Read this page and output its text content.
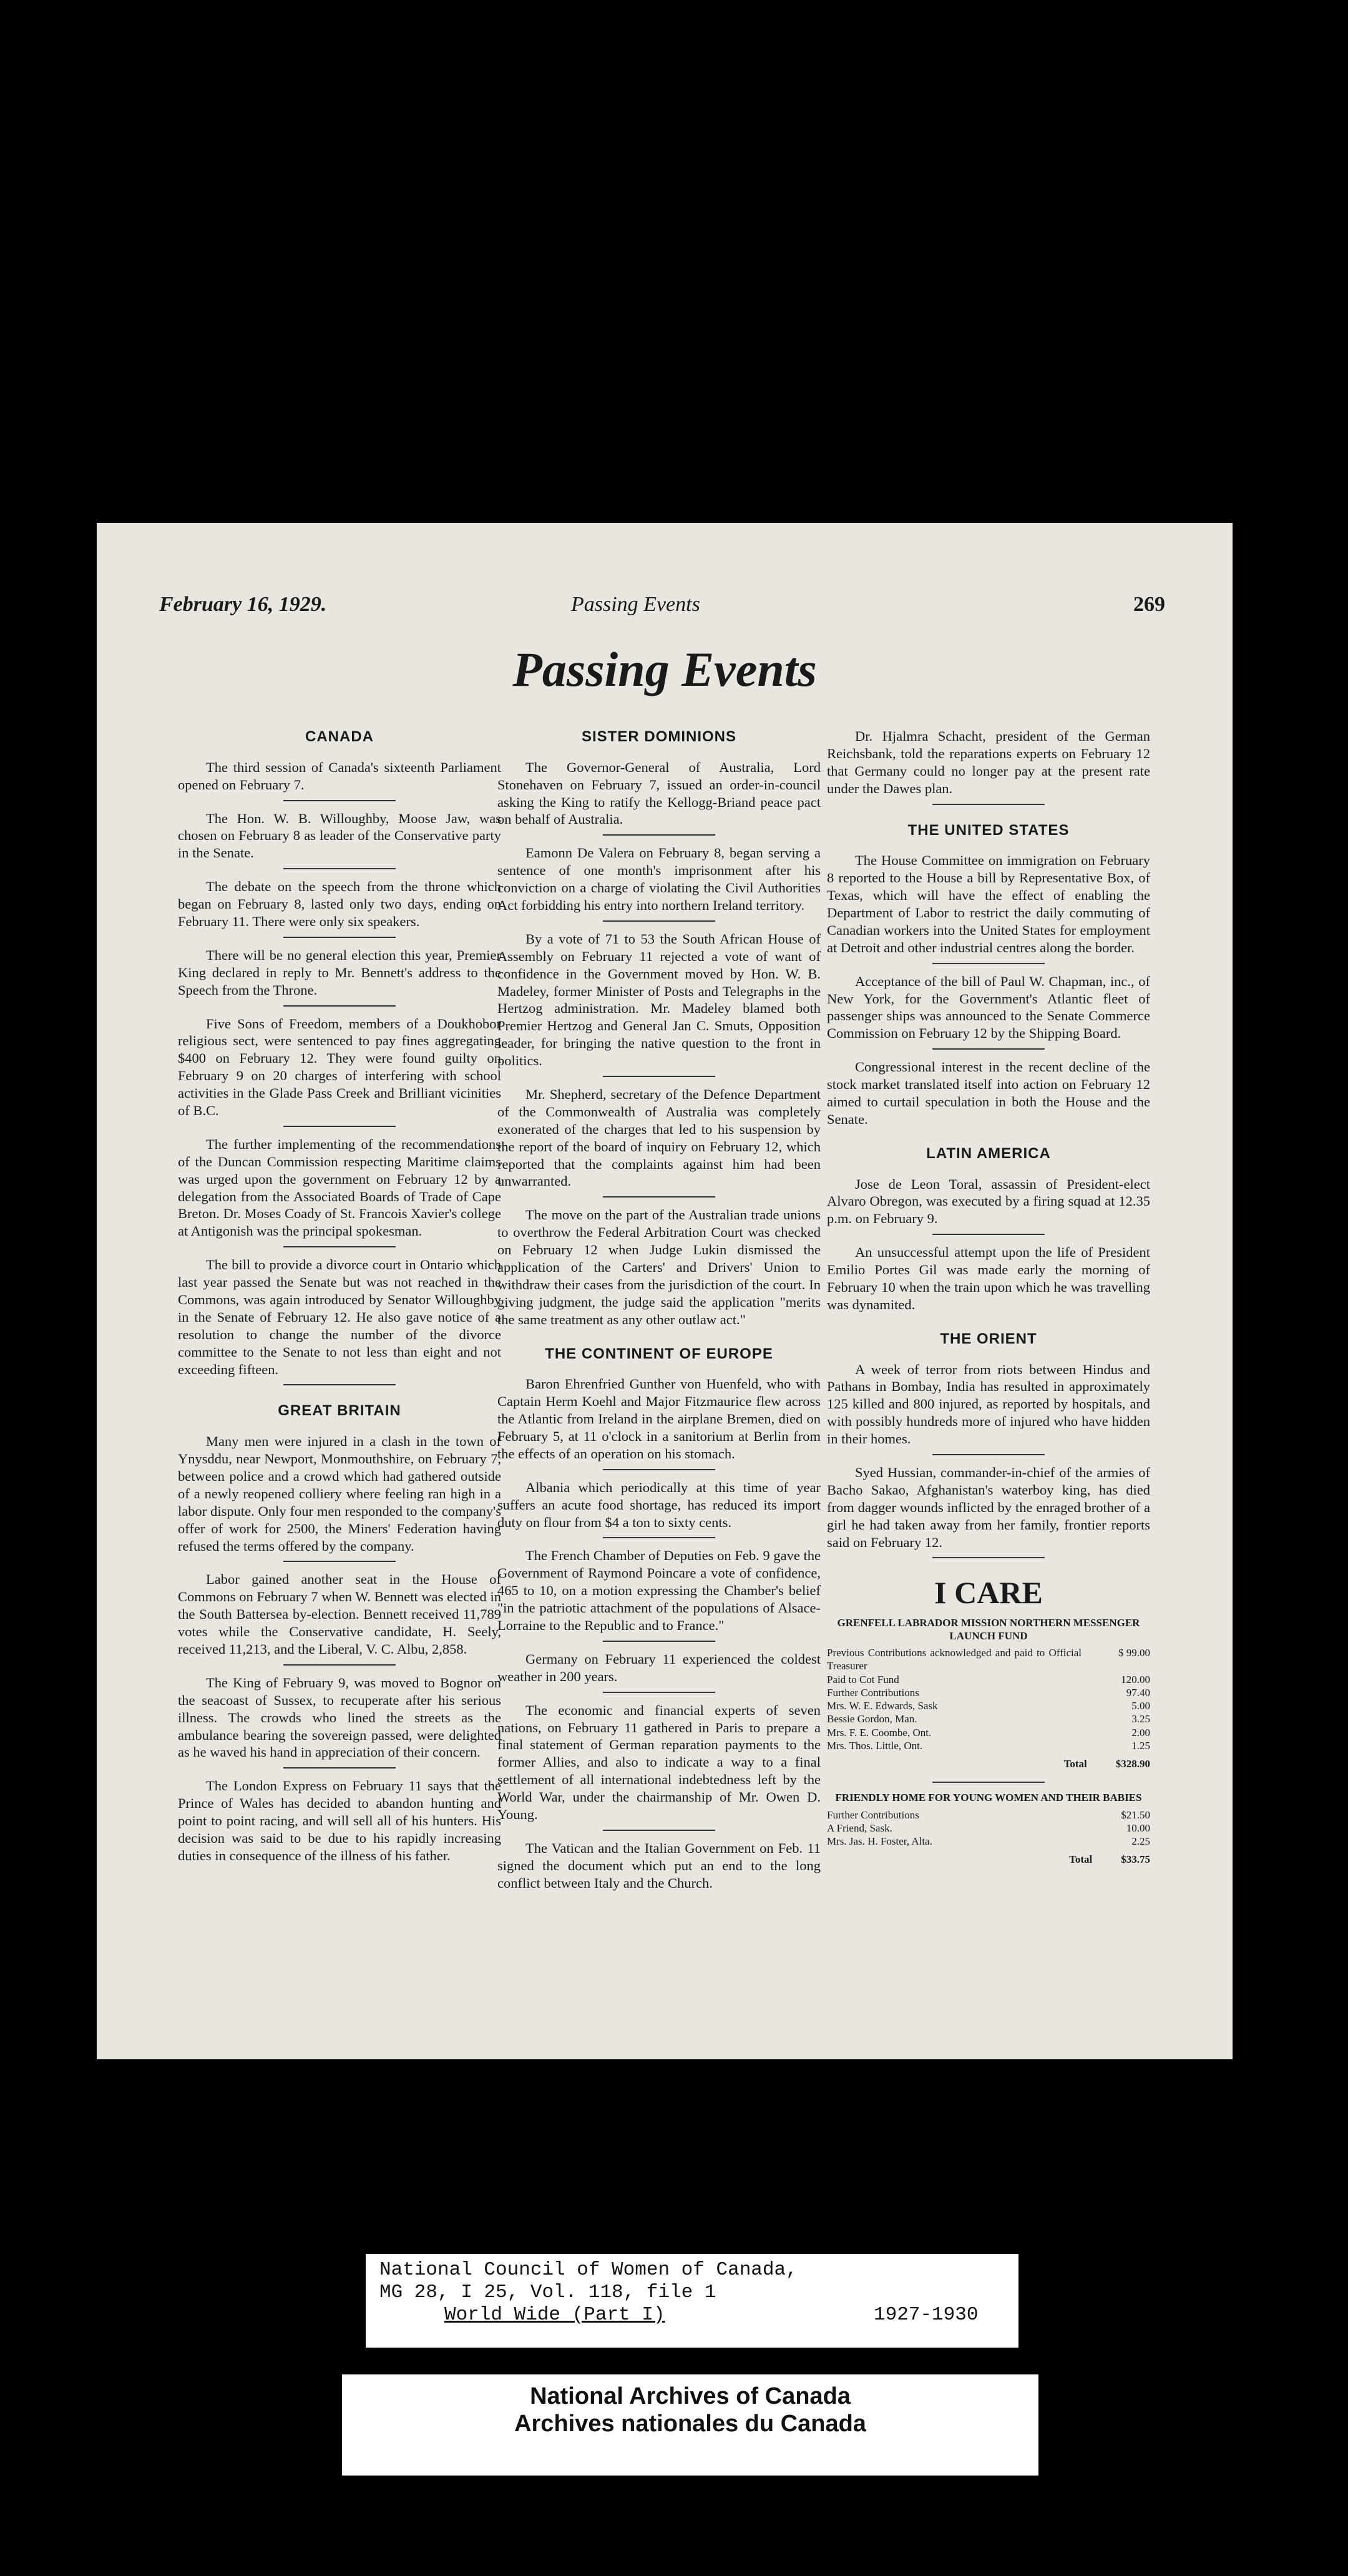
February 16, 1929.	Passing Events	269
Passing Events
CANADA

The third session of Canada's sixteenth Parliament opened on February 7.

The Hon. W. B. Willoughby, Moose Jaw, was chosen on February 8 as leader of the Conservative party in the Senate.

The debate on the speech from the throne which began on February 8, lasted only two days, ending on February 11. There were only six speakers.

There will be no general election this year, Premier King declared in reply to Mr. Bennett's address to the Speech from the Throne.

Five Sons of Freedom, members of a Doukhobor religious sect, were sentenced to pay fines aggregating $400 on February 12. They were found guilty on February 9 on 20 charges of interfering with school activities in the Glade Pass Creek and Brilliant vicinities of B.C.

The further implementing of the recommendations of the Duncan Commission respecting Maritime claims was urged upon the government on February 12 by a delegation from the Associated Boards of Trade of Cape Breton. Dr. Moses Coady of St. Francois Xavier's college at Antigonish was the principal spokesman.

The bill to provide a divorce court in Ontario which last year passed the Senate but was not reached in the Commons, was again introduced by Senator Willoughby in the Senate of February 12. He also gave notice of a resolution to change the number of the divorce committee to the Senate to not less than eight and not exceeding fifteen.

GREAT BRITAIN

Many men were injured in a clash in the town of Ynysddu, near Newport, Monmouthshire, on February 7, between police and a crowd which had gathered outside of a newly reopened colliery where feeling ran high in a labor dispute. Only four men responded to the company's offer of work for 2500, the Miners' Federation having refused the terms offered by the company.

Labor gained another seat in the House of Commons on February 7 when W. Bennett was elected in the South Battersea by-election. Bennett received 11,789 votes while the Conservative candidate, H. Seely, received 11,213, and the Liberal, V. C. Albu, 2,858.

The King of February 9, was moved to Bognor on the seacoast of Sussex, to recuperate after his serious illness. The crowds who lined the streets as the ambulance bearing the sovereign passed, were delighted as he waved his hand in appreciation of their concern.

The London Express on February 11 says that the Prince of Wales has decided to abandon hunting and point to point racing, and will sell all of his hunters. His decision was said to be due to his rapidly increasing duties in consequence of the illness of his father.

SISTER DOMINIONS

The Governor-General of Australia, Lord Stonehaven on February 7, issued an order-in-council asking the King to ratify the Kellogg-Briand peace pact on behalf of Australia.

Eamonn De Valera on February 8, began serving a sentence of one month's imprisonment after his conviction on a charge of violating the Civil Authorities Act forbidding his entry into northern Ireland territory.

By a vote of 71 to 53 the South African House of Assembly on February 11 rejected a vote of want of confidence in the Government moved by Hon. W. B. Madeley, former Minister of Posts and Telegraphs in the Hertzog administration. Mr. Madeley blamed both Premier Hertzog and General Jan C. Smuts, Opposition leader, for bringing the native question to the front in politics.

Mr. Shepherd, secretary of the Defence Department of the Commonwealth of Australia was completely exonerated of the charges that led to his suspension by the report of the board of inquiry on February 12, which reported that the complaints against him had been unwarranted.

The move on the part of the Australian trade unions to overthrow the Federal Arbitration Court was checked on February 12 when Judge Lukin dismissed the application of the Carters' and Drivers' Union to withdraw their cases from the jurisdiction of the court. In giving judgment, the judge said the application "merits the same treatment as any other outlaw act."

THE CONTINENT OF EUROPE

Baron Ehrenfried Gunther von Huenfeld, who with Captain Herm Koehl and Major Fitzmaurice flew across the Atlantic from Ireland in the airplane Bremen, died on February 5, at 11 o'clock in a sanitorium at Berlin from the effects of an operation on his stomach.

Albania which periodically at this time of year suffers an acute food shortage, has reduced its import duty on flour from $4 a ton to sixty cents.

The French Chamber of Deputies on Feb. 9 gave the Government of Raymond Poincare a vote of confidence, 465 to 10, on a motion expressing the Chamber's belief "in the patriotic attachment of the populations of Alsace-Lorraine to the Republic and to France."

Germany on February 11 experienced the coldest weather in 200 years.

The economic and financial experts of seven nations, on February 11 gathered in Paris to prepare a final statement of German reparation payments to the former Allies, and also to indicate a way to a final settlement of all international indebtedness left by the World War, under the chairmanship of Mr. Owen D. Young.

The Vatican and the Italian Government on Feb. 11 signed the document which put an end to the long conflict between Italy and the Church.

Dr. Hjalmra Schacht, president of the German Reichsbank, told the reparations experts on February 12 that Germany could no longer pay at the present rate under the Dawes plan.

THE UNITED STATES

The House Committee on immigration on February 8 reported to the House a bill by Representative Box, of Texas, which will have the effect of enabling the Department of Labor to restrict the daily commuting of Canadian workers into the United States for employment at Detroit and other industrial centres along the border.

Acceptance of the bill of Paul W. Chapman, inc., of New York, for the Government's Atlantic fleet of passenger ships was announced to the Senate Commerce Commission on February 12 by the Shipping Board.

Congressional interest in the recent decline of the stock market translated itself into action on February 12 aimed to curtail speculation in both the House and the Senate.

LATIN AMERICA

Jose de Leon Toral, assassin of President-elect Alvaro Obregon, was executed by a firing squad at 12.35 p.m. on February 9.

An unsuccessful attempt upon the life of President Emilio Portes Gil was made early the morning of February 10 when the train upon which he was travelling was dynamited.

THE ORIENT

A week of terror from riots between Hindus and Pathans in Bombay, India has resulted in approximately 125 killed and 800 injured, as reported by hospitals, and with possibly hundreds more of injured who have hidden in their homes.

Syed Hussian, commander-in-chief of the armies of Bacho Sakao, Afghanistan's waterboy king, has died from dagger wounds inflicted by the enraged brother of a girl he had taken away from her family, frontier reports said on February 12.

I CARE
GRENFELL LABRADOR MISSION NORTHERN MESSENGER LAUNCH FUND
Previous Contributions acknowledged and paid to Official Treasurer
$ 99.00
Paid to Cot Fund	120.00
Further Contributions	97.40
Mrs. W. E. Edwards, Sask	5.00
Bessie Gordon, Man.	3.25
Mrs. F. E. Coombe, Ont.	2.00
Mrs. Thos. Little, Ont.	1.25
Total	$328.90
FRIENDLY HOME FOR YOUNG WOMEN AND THEIR BABIES
Further Contributions	$21.50
A Friend, Sask.	10.00
Mrs. Jas. H. Foster, Alta.	2.25
Total	$33.75
National Council of Women of Canada,
MG 28, I 25, Vol. 118, file 1
World Wide (Part I)	1927-1930
National Archives of Canada
Archives nationales du Canada
